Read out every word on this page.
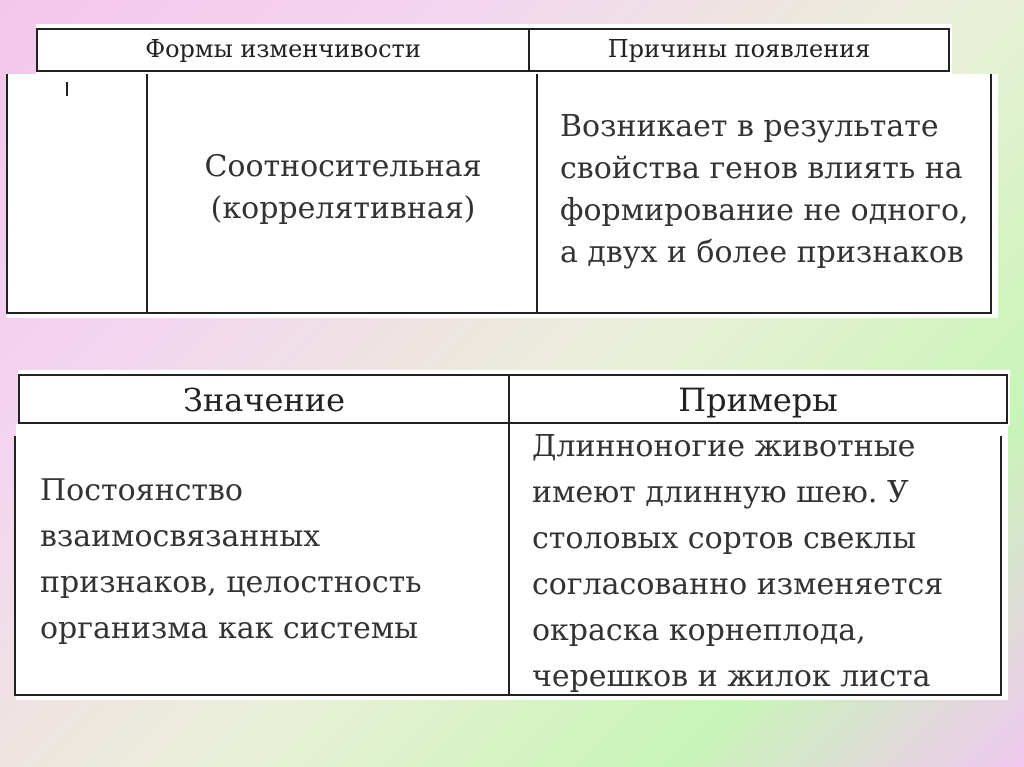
Формы изменчивости	Причины появления
Соотносительная
(коррелятивная)
Возникает в результате
свойства генов влиять на
формирование не одного,
а двух и более признаков
Значение	Примеры
Постоянство
взаимосвязанных
признаков, целостность
организма как системы
Длинноногие животные
имеют длинную шею. У
столовых сортов свеклы
согласованно изменяется
окраска корнеплода,
черешков и жилок листа
